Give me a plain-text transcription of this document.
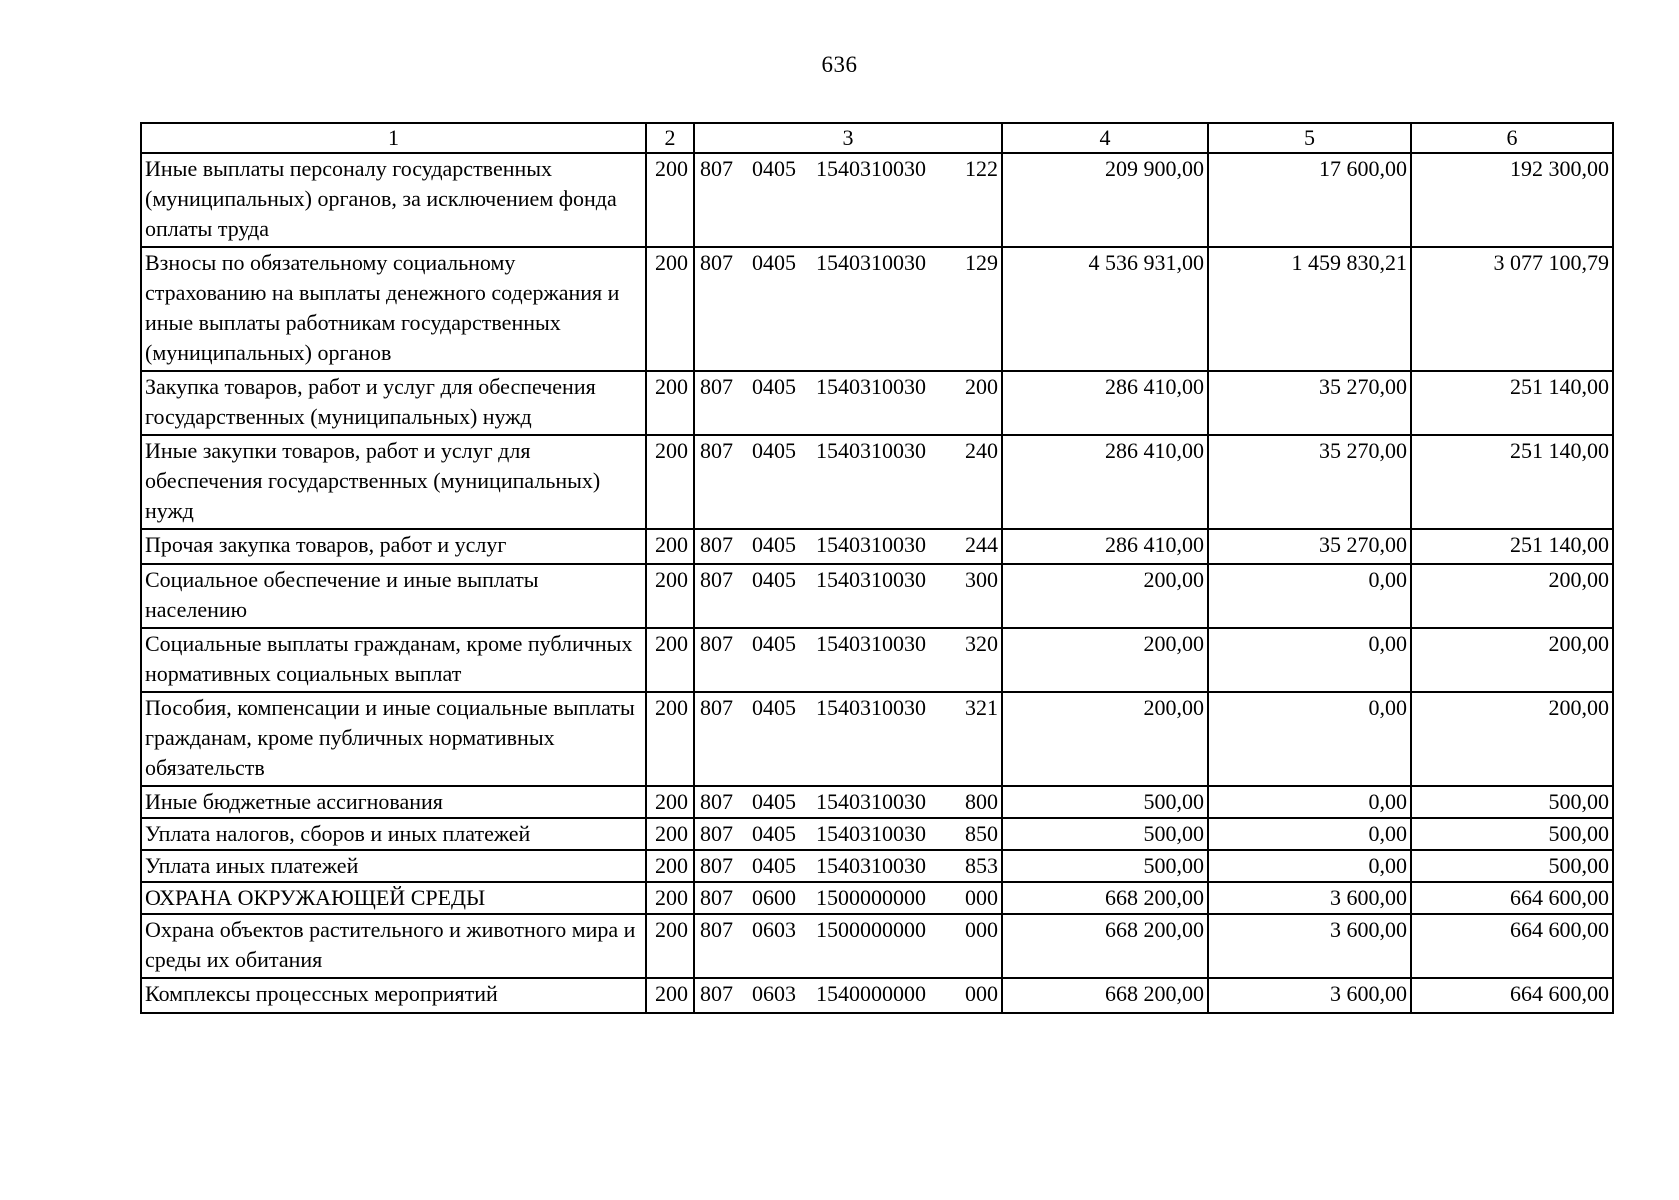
636
1	2	3	4	5	6
Иные выплаты персоналу государственных (муниципальных) органов, за исключением фонда оплаты труда	200	807 0405 1540310030 122	209 900,00	17 600,00	192 300,00
Взносы по обязательному социальному страхованию на выплаты денежного содержания и иные выплаты работникам государственных (муниципальных) органов	200	807 0405 1540310030 129	4 536 931,00	1 459 830,21	3 077 100,79
Закупка товаров, работ и услуг для обеспечения государственных (муниципальных) нужд	200	807 0405 1540310030 200	286 410,00	35 270,00	251 140,00
Иные закупки товаров, работ и услуг для обеспечения государственных (муниципальных) нужд	200	807 0405 1540310030 240	286 410,00	35 270,00	251 140,00
Прочая закупка товаров, работ и услуг	200	807 0405 1540310030 244	286 410,00	35 270,00	251 140,00
Социальное обеспечение и иные выплаты населению	200	807 0405 1540310030 300	200,00	0,00	200,00
Социальные выплаты гражданам, кроме публичных нормативных социальных выплат	200	807 0405 1540310030 320	200,00	0,00	200,00
Пособия, компенсации и иные социальные выплаты гражданам, кроме публичных нормативных обязательств	200	807 0405 1540310030 321	200,00	0,00	200,00
Иные бюджетные ассигнования	200	807 0405 1540310030 800	500,00	0,00	500,00
Уплата налогов, сборов и иных платежей	200	807 0405 1540310030 850	500,00	0,00	500,00
Уплата иных платежей	200	807 0405 1540310030 853	500,00	0,00	500,00
ОХРАНА ОКРУЖАЮЩЕЙ СРЕДЫ	200	807 0600 1500000000 000	668 200,00	3 600,00	664 600,00
Охрана объектов растительного и животного мира и среды их обитания	200	807 0603 1500000000 000	668 200,00	3 600,00	664 600,00
Комплексы процессных мероприятий	200	807 0603 1540000000 000	668 200,00	3 600,00	664 600,00
